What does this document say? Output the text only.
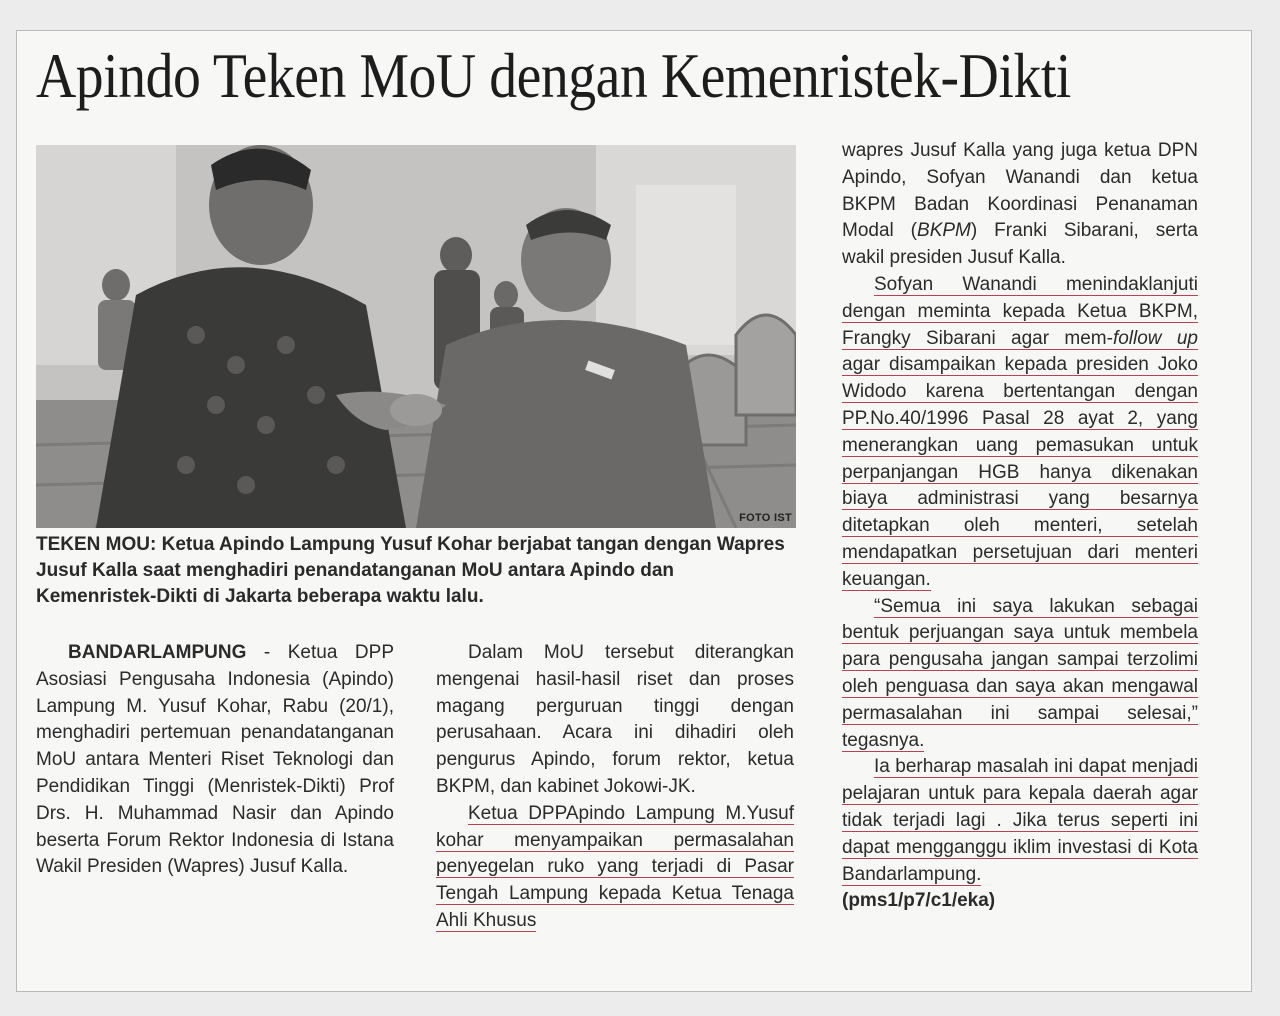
Apindo Teken MoU dengan Kemenristek-Dikti
FOTO IST

TEKEN MOU: Ketua Apindo Lampung Yusuf Kohar berjabat tangan dengan Wapres Jusuf Kalla saat menghadiri penandatanganan MoU antara Apindo dan Kemenristek-Dikti di Jakarta beberapa waktu lalu.

BANDARLAMPUNG - Ketua DPP Asosiasi Pengusaha Indonesia (Apindo) Lampung M. Yusuf Kohar, Rabu (20/1), menghadiri pertemuan penandatanganan MoU antara Menteri Riset Teknologi dan Pendidikan Tinggi (Menristek-Dikti) Prof Drs. H. Muhammad Nasir dan Apindo beserta Forum Rektor Indonesia di Istana Wakil Presiden (Wapres) Jusuf Kalla.

Dalam MoU tersebut diterangkan mengenai hasil-hasil riset dan proses magang perguruan tinggi dengan perusahaan. Acara ini dihadiri oleh pengurus Apindo, forum rektor, ketua BKPM, dan kabinet Jokowi-JK.

Ketua DPPApindo Lampung M.Yusuf kohar menyampaikan permasalahan penyegelan ruko yang terjadi di Pasar Tengah Lampung kepada Ketua Tenaga Ahli Khusus

wapres Jusuf Kalla yang juga ketua DPN Apindo, Sofyan Wanandi dan ketua BKPM Badan Koordinasi Penanaman Modal (BKPM) Franki Sibarani, serta wakil presiden Jusuf Kalla.

Sofyan Wanandi menindaklanjuti dengan meminta kepada Ketua BKPM, Frangky Sibarani agar mem-follow up agar disampaikan kepada presiden Joko Widodo karena bertentangan dengan PP.No.40/1996 Pasal 28 ayat 2, yang menerangkan uang pemasukan untuk perpanjangan HGB hanya dikenakan biaya administrasi yang besarnya ditetapkan oleh menteri, setelah mendapatkan persetujuan dari menteri keuangan.

“Semua ini saya lakukan sebagai bentuk perjuangan saya untuk membela para pengusaha jangan sampai terzolimi oleh penguasa dan saya akan mengawal permasalahan ini sampai selesai,” tegasnya.

Ia berharap masalah ini dapat menjadi pelajaran untuk para kepala daerah agar tidak terjadi lagi . Jika terus seperti ini dapat mengganggu iklim investasi di Kota Bandarlampung.

(pms1/p7/c1/eka)
